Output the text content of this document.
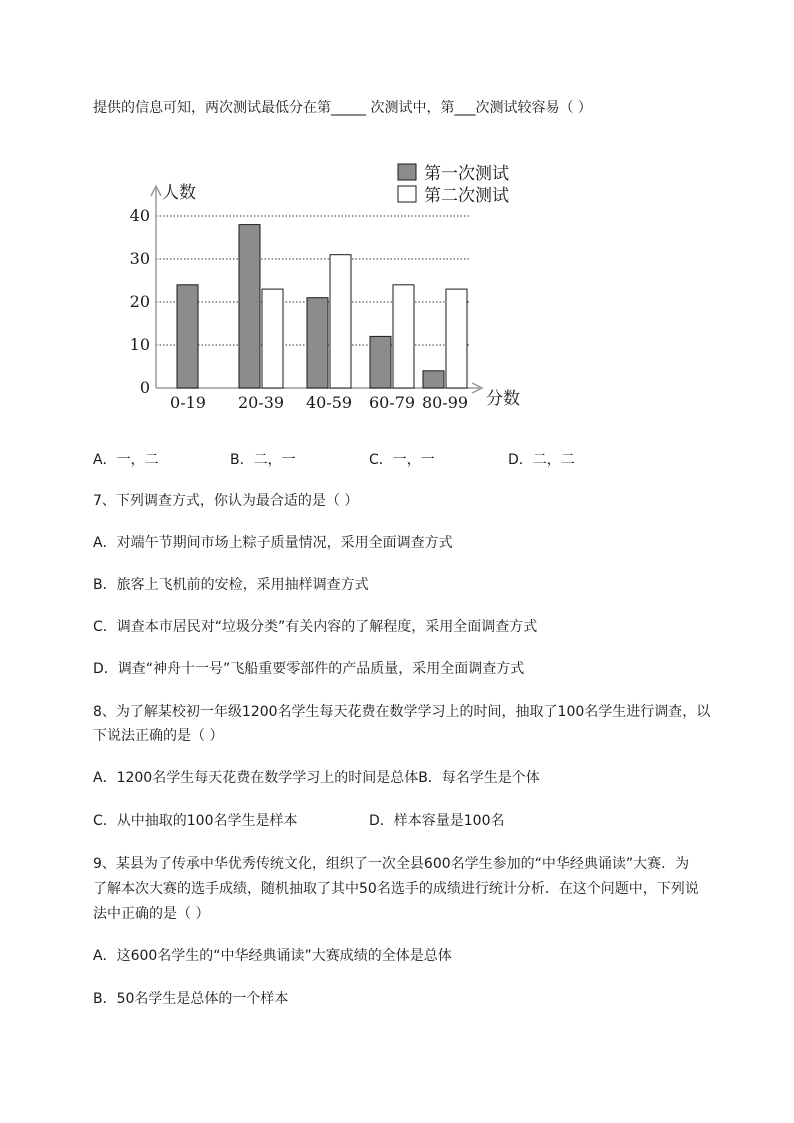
提供的信息可知，两次测试最低分在第_____ 次测试中，第___次测试较容易（ ）
0
10
20
30
40
人数
分数
0-19 20-39 40-59 60-79 80-99
第一次测试
第二次测试
A．一，二	B．二，一	C．一，一	D．二，二
7、下列调查方式，你认为最合适的是（ ）
A．对端午节期间市场上粽子质量情况，采用全面调查方式
B．旅客上飞机前的安检，采用抽样调查方式
C．调查本市居民对“垃圾分类”有关内容的了解程度，采用全面调查方式
D．调查“神舟十一号”飞船重要零部件的产品质量，采用全面调查方式
8、为了解某校初一年级1200名学生每天花费在数学学习上的时间，抽取了100名学生进行调查，以
下说法正确的是（ ）
A．1200名学生每天花费在数学学习上的时间是总体B．每名学生是个体
C．从中抽取的100名学生是样本	D．样本容量是100名
9、某县为了传承中华优秀传统文化，组织了一次全县600名学生参加的“中华经典诵读”大赛．为
了解本次大赛的选手成绩，随机抽取了其中50名选手的成绩进行统计分析．在这个问题中，下列说
法中正确的是（ ）
A．这600名学生的“中华经典诵读”大赛成绩的全体是总体
B．50名学生是总体的一个样本
